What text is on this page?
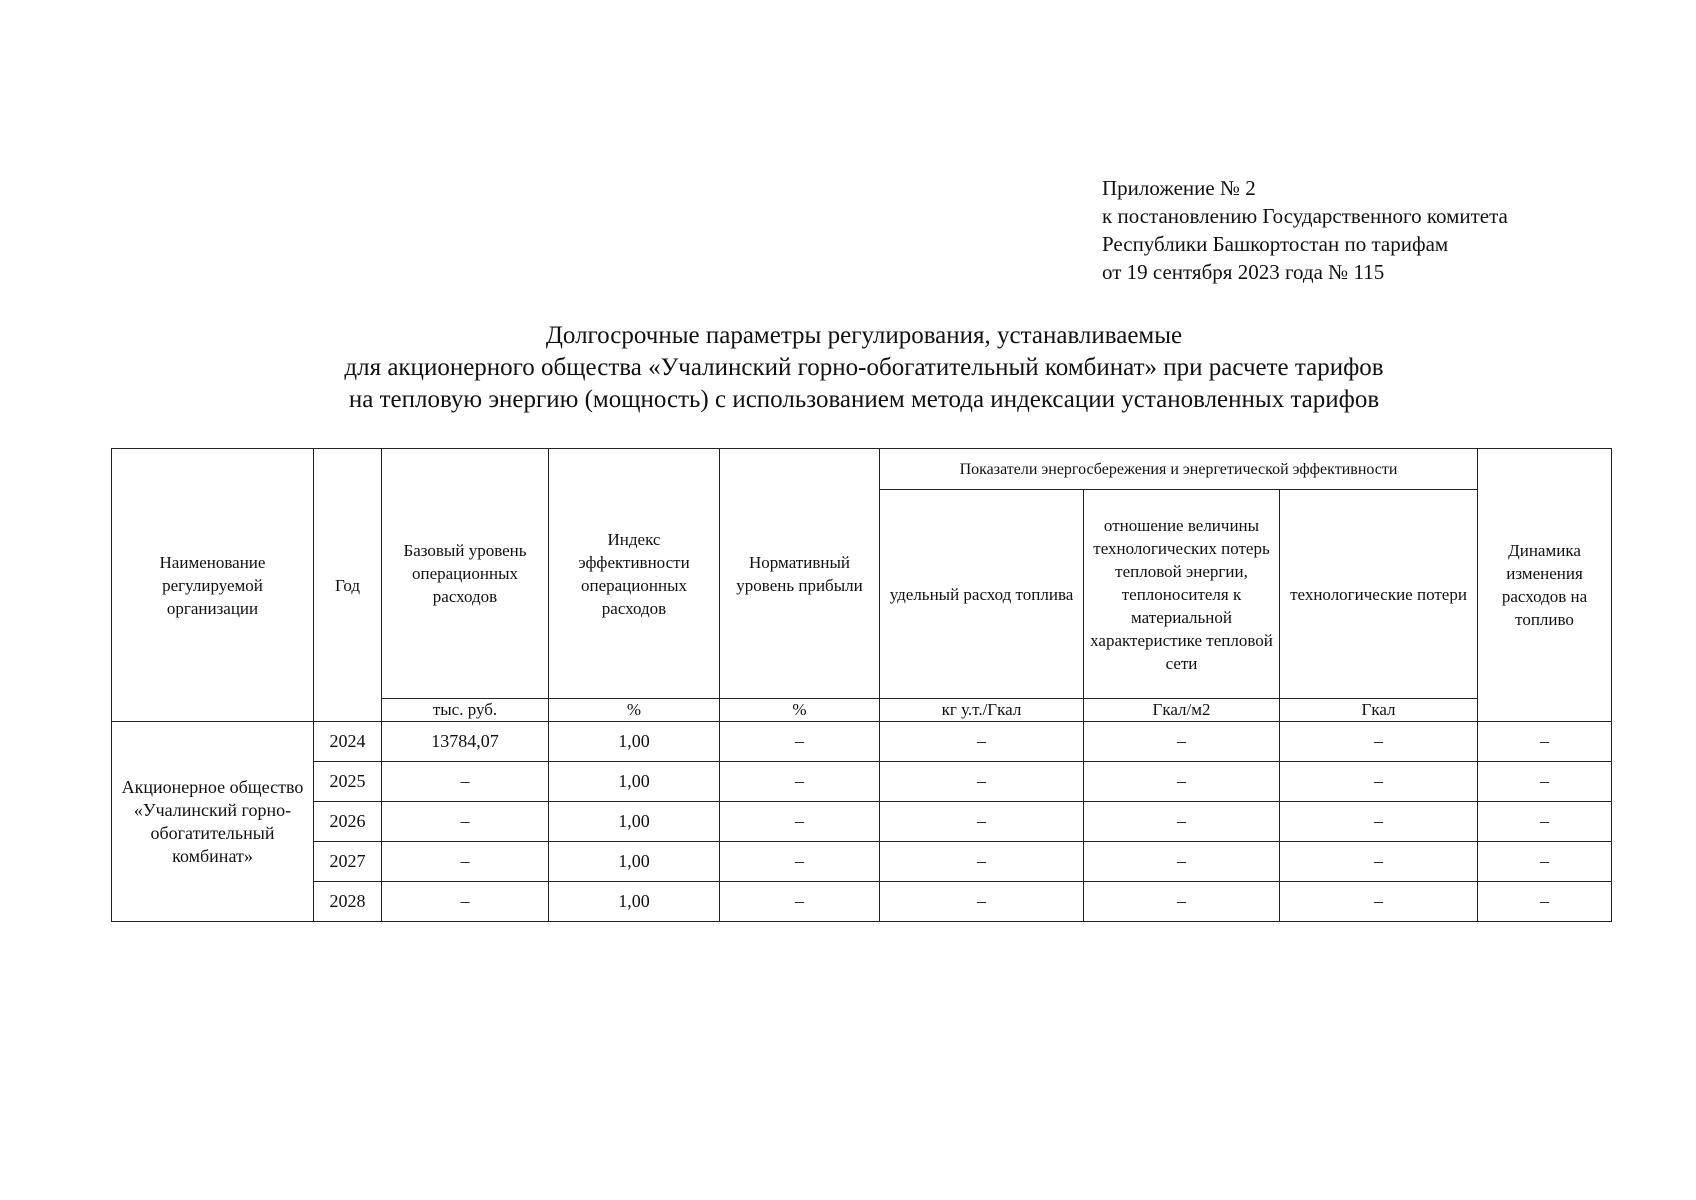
Приложение № 2
к постановлению Государственного комитета
Республики Башкортостан по тарифам
от 19 сентября 2023 года № 115
Долгосрочные параметры регулирования, устанавливаемые
для акционерного общества «Учалинский горно-обогатительный комбинат» при расчете тарифов
на тепловую энергию (мощность) с использованием метода индексации установленных тарифов
Наименование регулируемой организации	Год	Базовый уровень операционных расходов	Индекс эффективности операционных расходов	Нормативный уровень прибыли	Показатели энергосбережения и энергетической эффективности			Динамика изменения расходов на топливо
					удельный расход топлива	отношение величины технологических потерь тепловой энергии, теплоносителя к материальной характеристике тепловой сети	технологические потери	
		тыс. руб.	%	%	кг у.т./Гкал	Гкал/м2	Гкал	
Акционерное общество «Учалинский горно-обогатительный комбинат»	2024	13784,07	1,00	–	–	–	–	–
	2025	–	1,00	–	–	–	–	–
	2026	–	1,00	–	–	–	–	–
	2027	–	1,00	–	–	–	–	–
	2028	–	1,00	–	–	–	–	–
